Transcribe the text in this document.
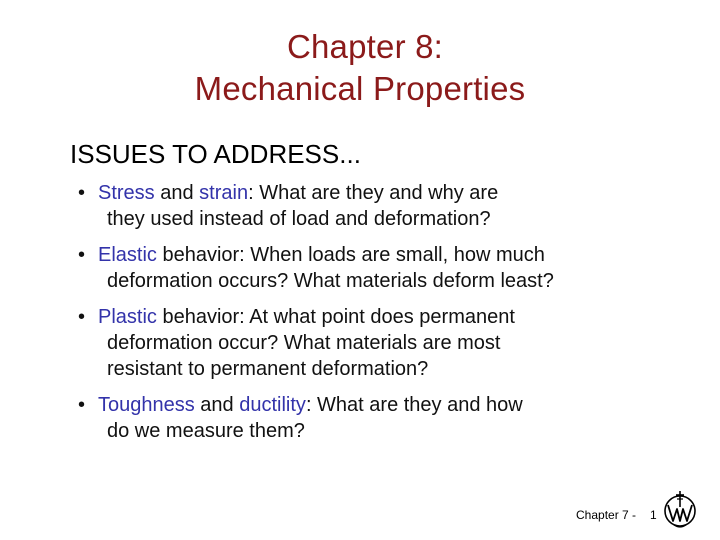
Chapter 8:
Mechanical Properties
ISSUES TO ADDRESS...
• Stress and strain: What are they and why are
they used instead of load and deformation?
• Elastic behavior: When loads are small, how much
deformation occurs? What materials deform least?
• Plastic behavior: At what point does permanent
deformation occur? What materials are most
resistant to permanent deformation?
• Toughness and ductility: What are they and how
do we measure them?
Chapter 7 - 1
